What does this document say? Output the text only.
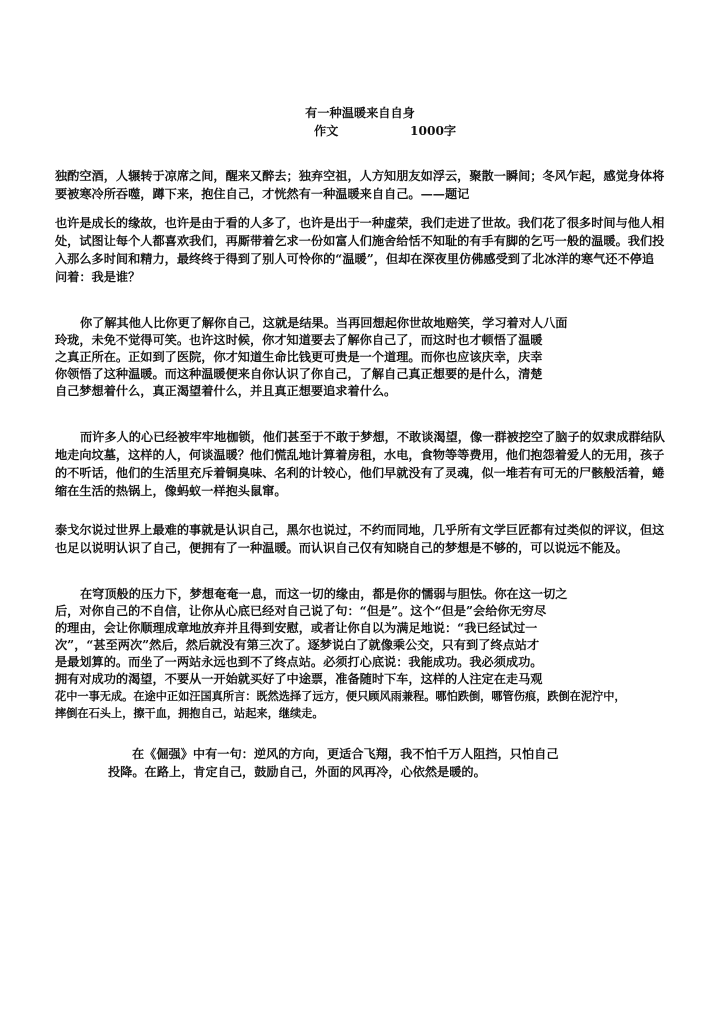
有一种温暖来自自身
作文	1000字
独酌空酒，人辗转于凉席之间，醒来又醉去；独弃空祖，人方知朋友如浮云，聚散一瞬间；冬风乍起，感觉身体将
要被寒冷所吞噬，蹲下来，抱住自己，才恍然有一种温暖来自自己。——题记
也许是成长的缘故，也许是由于看的人多了，也许是出于一种虚荣，我们走进了世故。我们花了很多时间与他人相
处，试图让每个人都喜欢我们，再厮带着乞求一份如富人们施舍给恬不知耻的有手有脚的乞丐一般的温暖。我们投
入那么多时间和精力，最终终于得到了别人可怜你的“温暖”，但却在深夜里仿佛感受到了北冰洋的寒气还不停追
问着：我是谁？
你了解其他人比你更了解你自己，这就是结果。当再回想起你世故地赔笑，学习着对人八面
玲珑，未免不觉得可笑。也许这时候，你才知道要去了解你自己了，而这时也才顿悟了温暖
之真正所在。正如到了医院，你才知道生命比钱更可贵是一个道理。而你也应该庆幸，庆幸
你领悟了这种温暖。而这种温暖便来自你认识了你自己，了解自己真正想要的是什么，清楚
自己梦想着什么，真正渴望着什么，并且真正想要追求着什么。
而许多人的心已经被牢牢地枷锁，他们甚至于不敢于梦想，不敢谈渴望，像一群被挖空了脑子的奴隶成群结队
地走向坟墓，这样的人，何谈温暖？他们慌乱地计算着房租，水电，食物等等费用，他们抱怨着爱人的无用，孩子
的不听话，他们的生活里充斥着铜臭味、名利的计较心，他们早就没有了灵魂，似一堆若有可无的尸骸般活着，蜷
缩在生活的热锅上，像蚂蚁一样抱头鼠窜。
泰戈尔说过世界上最难的事就是认识自己，黑尔也说过，不约而同地，几乎所有文学巨匠都有过类似的评议，但这
也足以说明认识了自己，便拥有了一种温暖。而认识自己仅有知晓自己的梦想是不够的，可以说远不能及。
在穹顶般的压力下，梦想奄奄一息，而这一切的缘由，都是你的懦弱与胆怯。你在这一切之
后，对你自己的不自信，让你从心底已经对自己说了句：“但是”。这个“但是”会给你无穷尽
的理由，会让你顺理成章地放弃并且得到安慰，或者让你自以为满足地说：“我已经试过一
次”，“甚至两次”然后，然后就没有第三次了。逐梦说白了就像乘公交，只有到了终点站才
是最划算的。而坐了一两站永远也到不了终点站。必须打心底说：我能成功。我必须成功。
拥有对成功的渴望，不要从一开始就买好了中途票，准备随时下车，这样的人注定在走马观
花中一事无成。在途中正如汪国真所言：既然选择了远方，便只顾风雨兼程。哪怕跌倒，哪管伤痕，跌倒在泥泞中，
摔倒在石头上，擦干血，拥抱自己，站起来，继续走。
在《倔强》中有一句：逆风的方向，更适合飞翔，我不怕千万人阻挡，只怕自己
投降。在路上，肯定自己，鼓励自己，外面的风再冷，心依然是暖的。
